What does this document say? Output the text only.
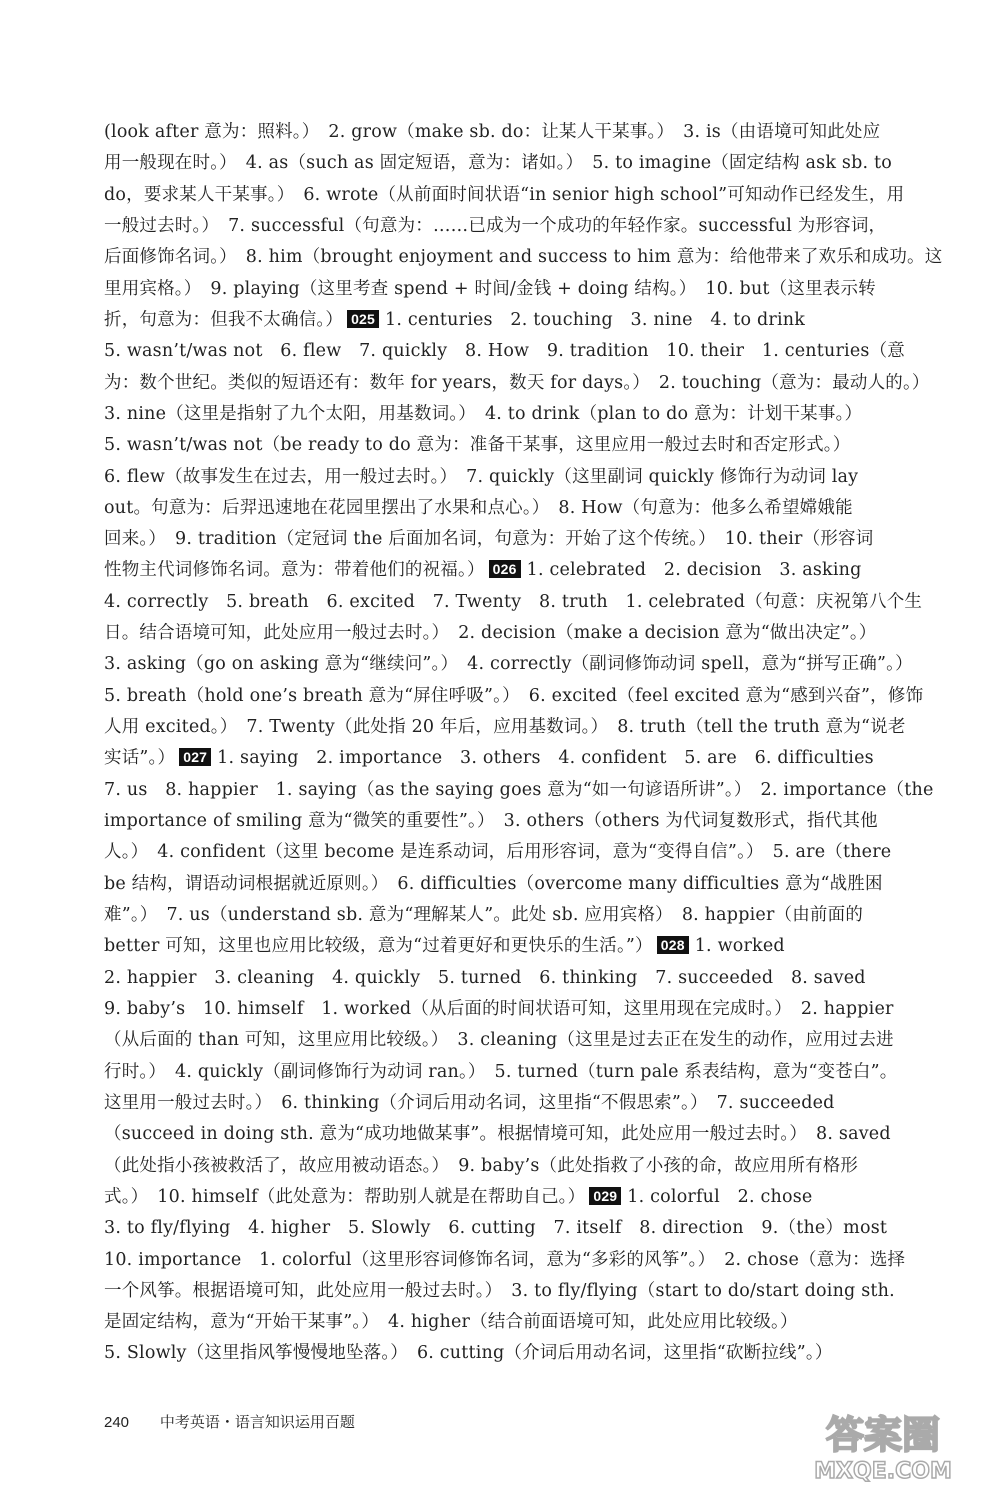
(look after 意为：照料。）　2. grow（make sb. do：让某人干某事。）　3. is（由语境可知此处应
用一般现在时。）　4. as（such as 固定短语，意为：诸如。）　5. to imagine（固定结构 ask sb. to
do，要求某人干某事。）　6. wrote（从前面时间状语“in senior high school”可知动作已经发生，用
一般过去时。）　7. successful（句意为：……已成为一个成功的年轻作家。successful 为形容词，
后面修饰名词。）　8. him（brought enjoyment and success to him 意为：给他带来了欢乐和成功。这
里用宾格。）　9. playing（这里考查 spend + 时间/金钱 + doing 结构。）　10. but（这里表示转
折，句意为：但我不太确信。） 025 1. centuries　2. touching　3. nine　4. to drink
5. wasn’t/was not　6. flew　7. quickly　8. How　9. tradition　10. their　1. centuries（意
为：数个世纪。类似的短语还有：数年 for years，数天 for days。）　2. touching（意为：最动人的。）
3. nine（这里是指射了九个太阳，用基数词。）　4. to drink（plan to do 意为：计划干某事。）
5. wasn’t/was not（be ready to do 意为：准备干某事，这里应用一般过去时和否定形式。）
6. flew（故事发生在过去，用一般过去时。）　7. quickly（这里副词 quickly 修饰行为动词 lay
out。句意为：后羿迅速地在花园里摆出了水果和点心。）　8. How（句意为：他多么希望嫦娥能
回来。）　9. tradition（定冠词 the 后面加名词，句意为：开始了这个传统。）　10. their（形容词
性物主代词修饰名词。意为：带着他们的祝福。） 026 1. celebrated　2. decision　3. asking
4. correctly　5. breath　6. excited　7. Twenty　8. truth　1. celebrated（句意：庆祝第八个生
日。结合语境可知，此处应用一般过去时。）　2. decision（make a decision 意为“做出决定”。）
3. asking（go on asking 意为“继续问”。）　4. correctly（副词修饰动词 spell，意为“拼写正确”。）
5. breath（hold one’s breath 意为“屏住呼吸”。）　6. excited（feel excited 意为“感到兴奋”，修饰
人用 excited。）　7. Twenty（此处指 20 年后，应用基数词。）　8. truth（tell the truth 意为“说老
实话”。） 027 1. saying　2. importance　3. others　4. confident　5. are　6. difficulties
7. us　8. happier　1. saying（as the saying goes 意为“如一句谚语所讲”。）　2. importance（the
importance of smiling 意为“微笑的重要性”。）　3. others（others 为代词复数形式，指代其他
人。）　4. confident（这里 become 是连系动词，后用形容词，意为“变得自信”。）　5. are（there
be 结构，谓语动词根据就近原则。）　6. difficulties（overcome many difficulties 意为“战胜困
难”。）　7. us（understand sb. 意为“理解某人”。此处 sb. 应用宾格）　8. happier（由前面的
better 可知，这里也应用比较级，意为“过着更好和更快乐的生活。”） 028 1. worked
2. happier　3. cleaning　4. quickly　5. turned　6. thinking　7. succeeded　8. saved
9. baby’s　10. himself　1. worked（从后面的时间状语可知，这里用现在完成时。）　2. happier
（从后面的 than 可知，这里应用比较级。）　3. cleaning（这里是过去正在发生的动作，应用过去进
行时。）　4. quickly（副词修饰行为动词 ran。）　5. turned（turn pale 系表结构，意为“变苍白”。
这里用一般过去时。）　6. thinking（介词后用动名词，这里指“不假思索”。）　7. succeeded
（succeed in doing sth. 意为“成功地做某事”。根据情境可知，此处应用一般过去时。）　8. saved
（此处指小孩被救活了，故应用被动语态。）　9. baby’s（此处指救了小孩的命，故应用所有格形
式。）　10. himself（此处意为：帮助别人就是在帮助自己。） 029 1. colorful　2. chose
3. to fly/flying　4. higher　5. Slowly　6. cutting　7. itself　8. direction　9.（the）most
10. importance　1. colorful（这里形容词修饰名词，意为“多彩的风筝”。）　2. chose（意为：选择
一个风筝。根据语境可知，此处应用一般过去时。）　3. to fly/flying（start to do/start doing sth.
是固定结构，意为“开始干某事”。）　4. higher（结合前面语境可知，此处应用比较级。）
5. Slowly（这里指风筝慢慢地坠落。）　6. cutting（介词后用动名词，这里指“砍断拉线”。）
240 中考英语・语言知识运用百题	答案圈
MXQE.COM
